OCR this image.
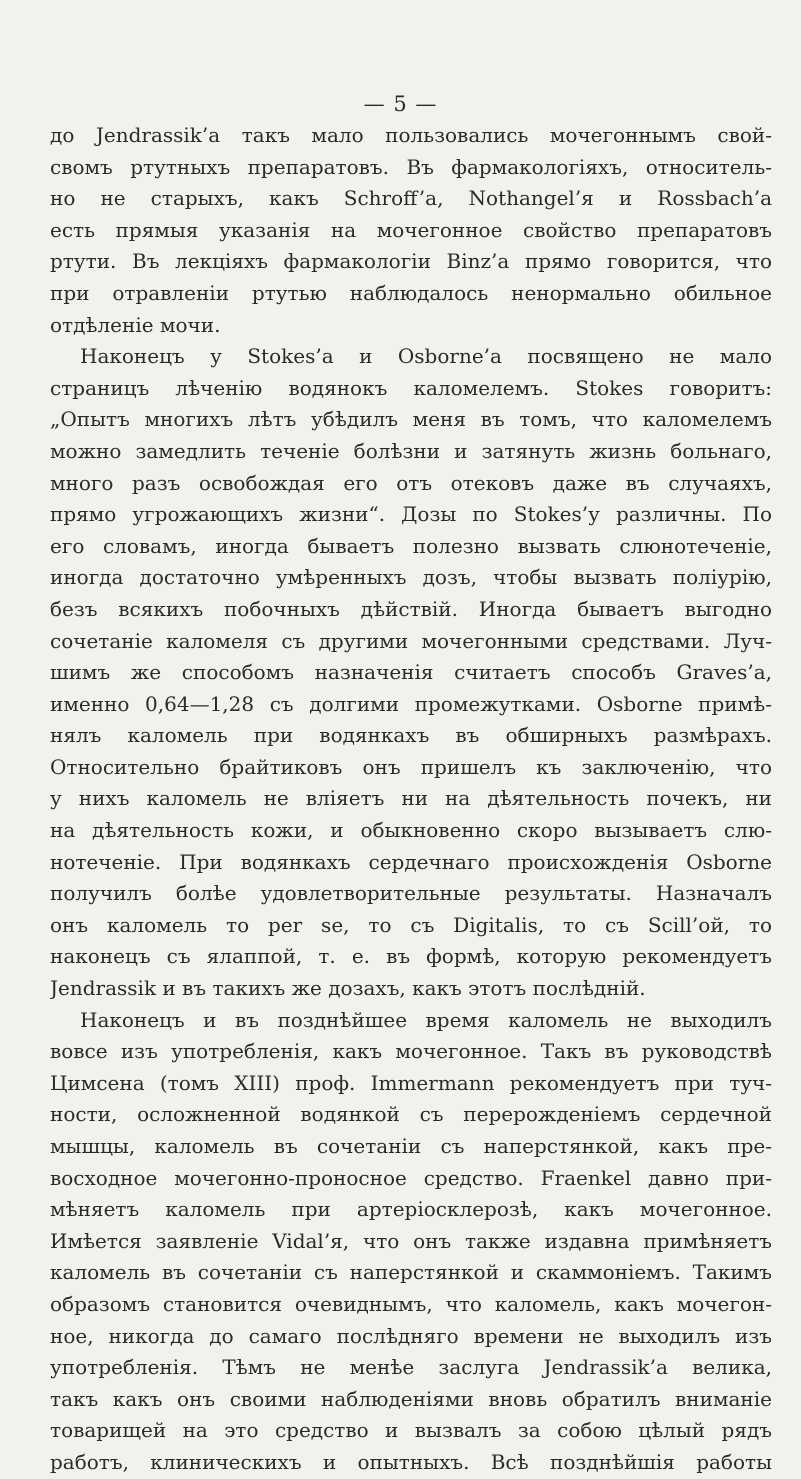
— 5 —
до Jendrassik’a такъ мало пользовались мочегоннымъ свой-
свомъ ртутныхъ препаратовъ. Въ фармакологіяхъ, относитель-
но не старыхъ, какъ Schroff’a, Nothangel’я и Rossbach’a
есть прямыя указанія на мочегонное свойство препаратовъ
ртути. Въ лекціяхъ фармакологіи Binz’a прямо говорится, что
при отравленіи ртутью наблюдалось ненормально обильное
отдѣленіе мочи.
Наконецъ у Stokes’a и Osborne’a посвящено не мало
страницъ лѣченію водянокъ каломелемъ. Stokes говоритъ:
„Опытъ многихъ лѣтъ убѣдилъ меня въ томъ, что каломелемъ
можно замедлить теченіе болѣзни и затянуть жизнь больнаго,
много разъ освобождая его отъ отековъ даже въ случаяхъ,
прямо угрожающихъ жизни“. Дозы по Stokes’у различны. По
его словамъ, иногда бываетъ полезно вызвать слюнотеченіе,
иногда достаточно умѣренныхъ дозъ, чтобы вызвать поліурію,
безъ всякихъ побочныхъ дѣйствій. Иногда бываетъ выгодно
сочетаніе каломеля съ другими мочегонными средствами. Луч-
шимъ же способомъ назначенія считаетъ способъ Graves’a,
именно 0,64—1,28 съ долгими промежутками. Osborne примѣ-
нялъ каломель при водянкахъ въ обширныхъ размѣрахъ.
Относительно брайтиковъ онъ пришелъ къ заключенію, что
у нихъ каломель не вліяетъ ни на дѣятельность почекъ, ни
на дѣятельность кожи, и обыкновенно скоро вызываетъ слю-
нотеченіе. При водянкахъ сердечнаго происхожденія Osborne
получилъ болѣе удовлетворительные результаты. Назначалъ
онъ каломель то per se, то съ Digitalis, то съ Scill’ой, то
наконецъ съ ялаппой, т. е. въ формѣ, которую рекомендуетъ
Jendrassik и въ такихъ же дозахъ, какъ этотъ послѣдній.
Наконецъ и въ позднѣйшее время каломель не выходилъ
вовсе изъ употребленія, какъ мочегонное. Такъ въ руководствѣ
Цимсена (томъ XIII) проф. Immermann рекомендуетъ при туч-
ности, осложненной водянкой съ перерожденіемъ сердечной
мышцы, каломель въ сочетаніи съ наперстянкой, какъ пре-
восходное мочегонно-проносное средство. Fraenkel давно при-
мѣняетъ каломель при артеріосклерозѣ, какъ мочегонное.
Имѣется заявленіе Vidal’я, что онъ также издавна примѣняетъ
каломель въ сочетаніи съ наперстянкой и скаммоніемъ. Такимъ
образомъ становится очевиднымъ, что каломель, какъ мочегон-
ное, никогда до самаго послѣдняго времени не выходилъ изъ
употребленія. Тѣмъ не менѣе заслуга Jendrassik’a велика,
такъ какъ онъ своими наблюденіями вновь обратилъ вниманіе
товарищей на это средство и вызвалъ за собою цѣлый рядъ
работъ, клиническихъ и опытныхъ. Всѣ позднѣйшія работы
